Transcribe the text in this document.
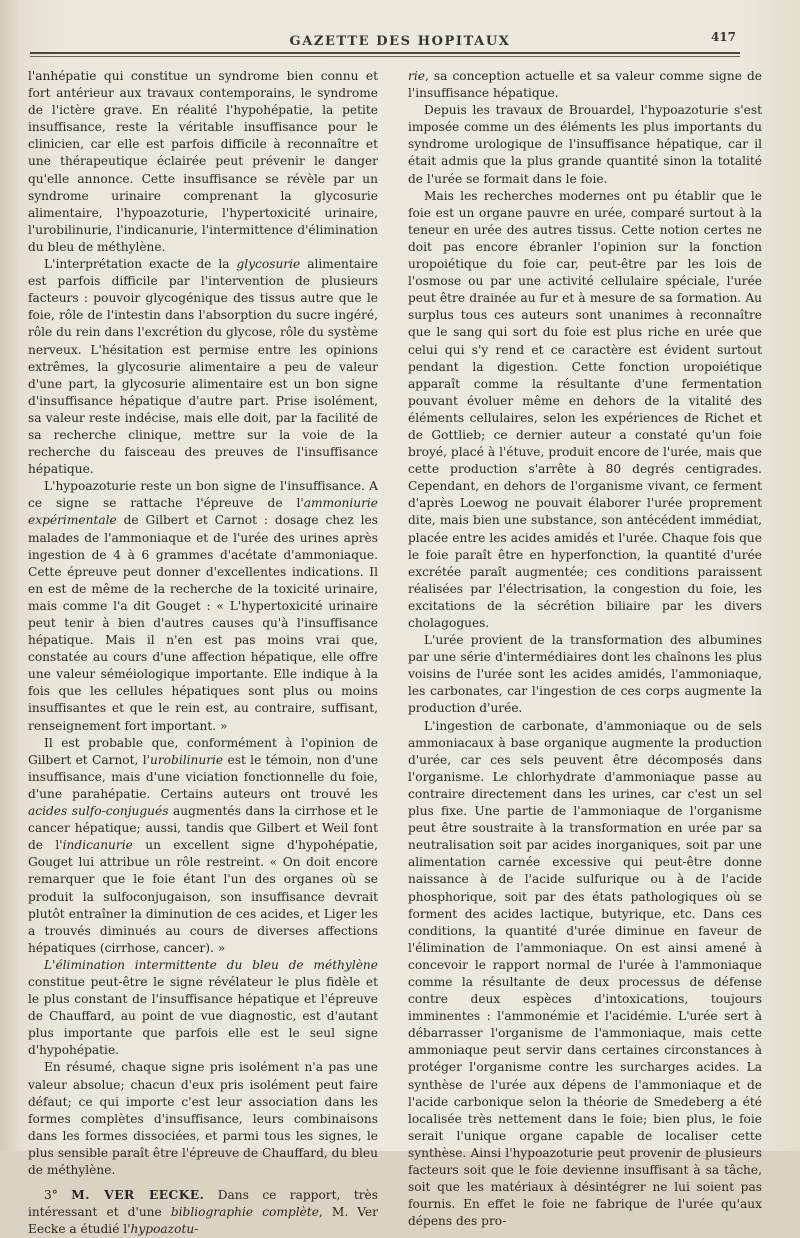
GAZETTE DES HOPITAUX	417

l'anhépatie qui constitue un syndrome bien connu et fort antérieur aux travaux contemporains, le syndrome de l'ictère grave. En réalité l'hypohépatie, la petite insuffisance, reste la véritable insuffisance pour le clinicien, car elle est parfois difficile à reconnaître et une thérapeutique éclairée peut prévenir le danger qu'elle annonce. Cette insuffisance se révèle par un syndrome urinaire comprenant la glycosurie alimentaire, l'hypoazoturie, l'hypertoxicité urinaire, l'urobilinurie, l'indicanurie, l'intermittence d'élimination du bleu de méthylène.

L'interprétation exacte de la glycosurie alimentaire est parfois difficile par l'intervention de plusieurs facteurs : pouvoir glycogénique des tissus autre que le foie, rôle de l'intestin dans l'absorption du sucre ingéré, rôle du rein dans l'excrétion du glycose, rôle du système nerveux. L'hésitation est permise entre les opinions extrêmes, la glycosurie alimentaire a peu de valeur d'une part, la glycosurie alimentaire est un bon signe d'insuffisance hépatique d'autre part. Prise isolément, sa valeur reste indécise, mais elle doit, par la facilité de sa recherche clinique, mettre sur la voie de la recherche du faisceau des preuves de l'insuffisance hépatique.

L'hypoazoturie reste un bon signe de l'insuffisance. A ce signe se rattache l'épreuve de l'ammoniurie expérimentale de Gilbert et Carnot : dosage chez les malades de l'ammoniaque et de l'urée des urines après ingestion de 4 à 6 grammes d'acétate d'ammoniaque. Cette épreuve peut donner d'excellentes indications. Il en est de même de la recherche de la toxicité urinaire, mais comme l'a dit Gouget : « L'hypertoxicité urinaire peut tenir à bien d'autres causes qu'à l'insuffisance hépatique. Mais il n'en est pas moins vrai que, constatée au cours d'une affection hépatique, elle offre une valeur séméiologique importante. Elle indique à la fois que les cellules hépatiques sont plus ou moins insuffisantes et que le rein est, au contraire, suffisant, renseignement fort important. »

Il est probable que, conformément à l'opinion de Gilbert et Carnot, l'urobilinurie est le témoin, non d'une insuffisance, mais d'une viciation fonctionnelle du foie, d'une parahépatie. Certains auteurs ont trouvé les acides sulfo-conjugués augmentés dans la cirrhose et le cancer hépatique; aussi, tandis que Gilbert et Weil font de l'indicanurie un excellent signe d'hypohépatie, Gouget lui attribue un rôle restreint. « On doit encore remarquer que le foie étant l'un des organes où se produit la sulfoconjugaison, son insuffisance devrait plutôt entraîner la diminution de ces acides, et Liger les a trouvés diminués au cours de diverses affections hépatiques (cirrhose, cancer). »

L'élimination intermittente du bleu de méthylène constitue peut-être le signe révélateur le plus fidèle et le plus constant de l'insuffisance hépatique et l'épreuve de Chauffard, au point de vue diagnostic, est d'autant plus importante que parfois elle est le seul signe d'hypohépatie.

En résumé, chaque signe pris isolément n'a pas une valeur absolue; chacun d'eux pris isolément peut faire défaut; ce qui importe c'est leur association dans les formes complètes d'insuffisance, leurs combinaisons dans les formes dissociées, et parmi tous les signes, le plus sensible paraît être l'épreuve de Chauffard, du bleu de méthylène.

3° M. VER EECKE. Dans ce rapport, très intéressant et d'une bibliographie complète, M. Ver Eecke a étudié l'hypoazotu-

rie, sa conception actuelle et sa valeur comme signe de l'insuffisance hépatique.

Depuis les travaux de Brouardel, l'hypoazoturie s'est imposée comme un des éléments les plus importants du syndrome urologique de l'insuffisance hépatique, car il était admis que la plus grande quantité sinon la totalité de l'urée se formait dans le foie.

Mais les recherches modernes ont pu établir que le foie est un organe pauvre en urée, comparé surtout à la teneur en urée des autres tissus. Cette notion certes ne doit pas encore ébranler l'opinion sur la fonction uropoiétique du foie car, peut-être par les lois de l'osmose ou par une activité cellulaire spéciale, l'urée peut être drainée au fur et à mesure de sa formation. Au surplus tous ces auteurs sont unanimes à reconnaître que le sang qui sort du foie est plus riche en urée que celui qui s'y rend et ce caractère est évident surtout pendant la digestion. Cette fonction uropoiétique apparaît comme la résultante d'une fermentation pouvant évoluer même en dehors de la vitalité des éléments cellulaires, selon les expériences de Richet et de Gottlieb; ce dernier auteur a constaté qu'un foie broyé, placé à l'étuve, produit encore de l'urée, mais que cette production s'arrête à 80 degrés centigrades. Cependant, en dehors de l'organisme vivant, ce ferment d'après Loewog ne pouvait élaborer l'urée proprement dite, mais bien une substance, son antécédent immédiat, placée entre les acides amidés et l'urée. Chaque fois que le foie paraît être en hyperfonction, la quantité d'urée excrétée paraît augmentée; ces conditions paraissent réalisées par l'électrisation, la congestion du foie, les excitations de la sécrétion biliaire par les divers cholagogues.

L'urée provient de la transformation des albumines par une série d'intermédiaires dont les chaînons les plus voisins de l'urée sont les acides amidés, l'ammoniaque, les carbonates, car l'ingestion de ces corps augmente la production d'urée.

L'ingestion de carbonate, d'ammoniaque ou de sels ammoniacaux à base organique augmente la production d'urée, car ces sels peuvent être décomposés dans l'organisme. Le chlorhydrate d'ammoniaque passe au contraire directement dans les urines, car c'est un sel plus fixe. Une partie de l'ammoniaque de l'organisme peut être soustraite à la transformation en urée par sa neutralisation soit par acides inorganiques, soit par une alimentation carnée excessive qui peut-être donne naissance à de l'acide sulfurique ou à de l'acide phosphorique, soit par des états pathologiques où se forment des acides lactique, butyrique, etc. Dans ces conditions, la quantité d'urée diminue en faveur de l'élimination de l'ammoniaque. On est ainsi amené à concevoir le rapport normal de l'urée à l'ammoniaque comme la résultante de deux processus de défense contre deux espèces d'intoxications, toujours imminentes : l'ammonémie et l'acidémie. L'urée sert à débarrasser l'organisme de l'ammoniaque, mais cette ammoniaque peut servir dans certaines circonstances à protéger l'organisme contre les surcharges acides. La synthèse de l'urée aux dépens de l'ammoniaque et de l'acide carbonique selon la théorie de Smedeberg a été localisée très nettement dans le foie; bien plus, le foie serait l'unique organe capable de localiser cette synthèse. Ainsi l'hypoazoturie peut provenir de plusieurs facteurs soit que le foie devienne insuffisant à sa tâche, soit que les matériaux à désintégrer ne lui soient pas fournis. En effet le foie ne fabrique de l'urée qu'aux dépens des pro-
